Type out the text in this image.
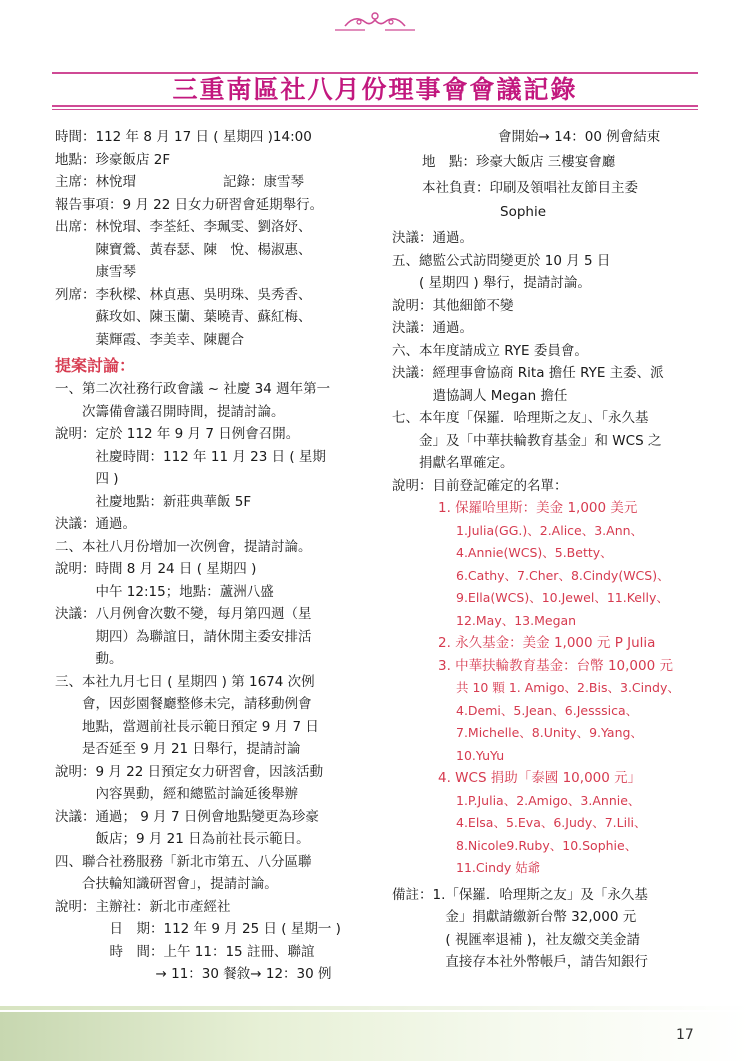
三重南區社八月份理事會會議記錄
時間：112 年 8 月 17 日 ( 星期四 )14:00
地點：珍豪飯店 2F
主席：林悅瑁	記錄：康雪琴
報告事項：9 月 22 日女力研習會延期舉行。
出席： 林悅瑁、李荃紝、李珮雯、劉洛妤、
陳寶鶯、黃春瑟、陳　悅、楊淑惠、
康雪琴
列席： 李秋樑、林貞惠、吳明珠、吳秀香、
蘇玫如、陳玉蘭、葉曉青、蘇紅梅、
葉輝霞、李美幸、陳麗合
提案討論：
一、 第二次社務行政會議 ~ 社慶 34 週年第一
次籌備會議召開時間，提請討論。
說明： 定於 112 年 9 月 7 日例會召開。
社慶時間：112 年 11 月 23 日 ( 星期
四 )
社慶地點：新莊典華飯 5F
決議：通過。
二、本社八月份增加一次例會，提請討論。
說明： 時間 8 月 24 日 ( 星期四 )
中午 12:15；地點：蘆洲八盛
決議： 八月例會次數不變，每月第四週（星
期四）為聯誼日，請休閒主委安排活
動。
三、 本社九月七日 ( 星期四 ) 第 1674 次例
會，因彭園餐廳整修未完，請移動例會
地點，當週前社長示範日預定 9 月 7 日
是否延至 9 月 21 日舉行，提請討論
說明： 9 月 22 日預定女力研習會，因該活動
內容異動，經和總監討論延後舉辦
決議： 通過； 9 月 7 日例會地點變更為珍豪
飯店；9 月 21 日為前社長示範日。
四、 聯合社務服務「新北市第五、八分區聯
合扶輪知識研習會」，提請討論。
說明： 主辦社：新北市產經社
日　期：112 年 9 月 25 日 ( 星期一 )
時　間：上午 11：15 註冊、聯誼
→ 11：30 餐敘→ 12：30 例
會開始→ 14：00 例會結束
地　點：珍豪大飯店 三樓宴會廳
本社負責：印刷及領唱社友節目主委
Sophie
決議：通過。
五、 總監公式訪問變更於 10 月 5 日
( 星期四 ) 舉行，提請討論。
說明：其他細節不變
決議：通過。
六、本年度請成立 RYE 委員會。
決議： 經理事會協商 Rita 擔任 RYE 主委、派
遣協調人 Megan 擔任
七、 本年度「保羅．哈理斯之友」、「永久基
金」及「中華扶輪教育基金」和 WCS 之
捐獻名單確定。
說明：目前登記確定的名單：
1. 保羅哈里斯：美金 1,000 美元
1.Julia(GG.)、2.Alice、3.Ann、
4.Annie(WCS)、5.Betty、
6.Cathy、7.Cher、8.Cindy(WCS)、
9.Ella(WCS)、10.Jewel、11.Kelly、
12.May、13.Megan
2. 永久基金：美金 1,000 元 P Julia
3. 中華扶輪教育基金：台幣 10,000 元
共 10 顆 1. Amigo、2.Bis、3.Cindy、
4.Demi、5.Jean、6.Jesssica、
7.Michelle、8.Unity、9.Yang、
10.YuYu
4. WCS 捐助「泰國 10,000 元」
1.P.Julia、2.Amigo、3.Annie、
4.Elsa、5.Eva、6.Judy、7.Lili、
8.Nicole9.Ruby、10.Sophie、
11.Cindy 姑爺
備註：1. 「保羅．哈理斯之友」及「永久基
金」捐獻請繳新台幣 32,000 元
( 視匯率退補 )，社友繳交美金請
直接存本社外幣帳戶，請告知銀行
17
